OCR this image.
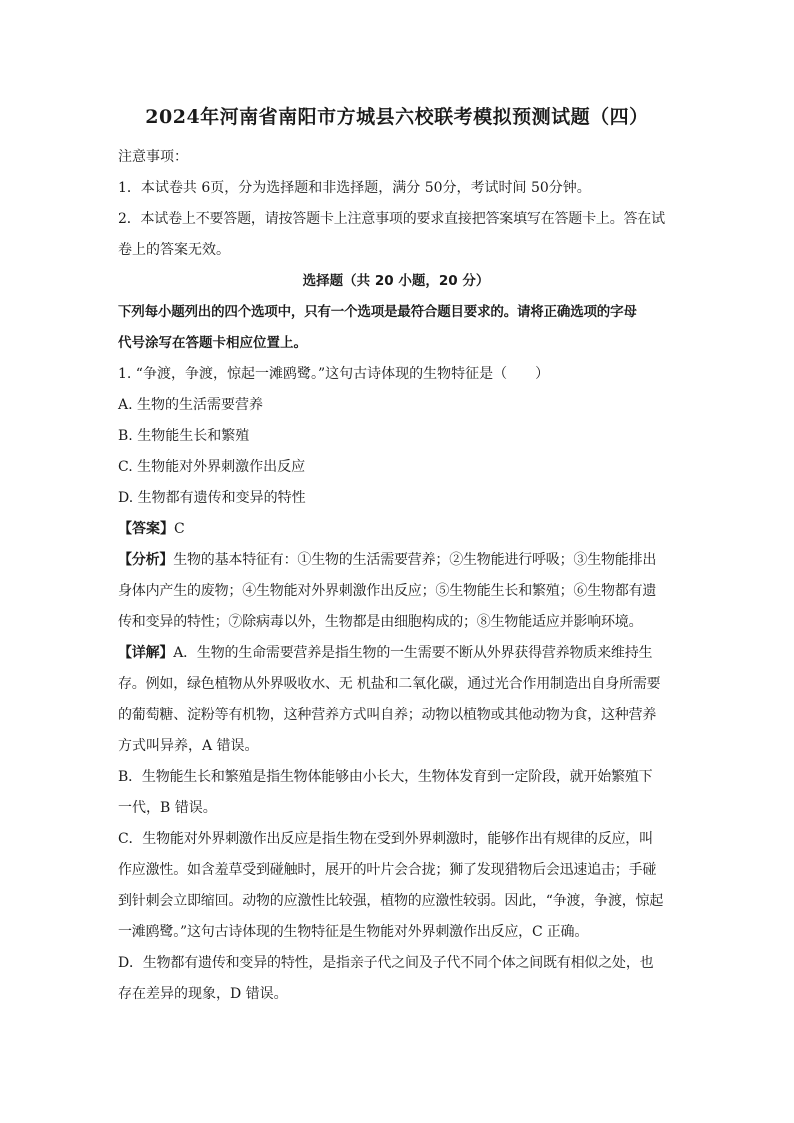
2024年河南省南阳市方城县六校联考模拟预测试题（四）

注意事项：

1．本试卷共 6页，分为选择题和非选择题，满分 50分，考试时间 50分钟。

2．本试卷上不要答题，请按答题卡上注意事项的要求直接把答案填写在答题卡上。答在试

卷上的答案无效。

选择题（共 20 小题，20 分）

下列每小题列出的四个选项中，只有一个选项是最符合题目要求的。请将正确选项的字母

代号涂写在答题卡相应位置上。

1. “争渡，争渡，惊起一滩鸥鹭。”这句古诗体现的生物特征是（　　）

A. 生物的生活需要营养

B. 生物能生长和繁殖

C. 生物能对外界刺激作出反应

D. 生物都有遗传和变异的特性

【答案】C

【分析】生物的基本特征有：①生物的生活需要营养；②生物能进行呼吸；③生物能排出

身体内产生的废物；④生物能对外界刺激作出反应；⑤生物能生长和繁殖；⑥生物都有遗

传和变异的特性；⑦除病毒以外，生物都是由细胞构成的；⑧生物能适应并影响环境。

【详解】A．生物的生命需要营养是指生物的一生需要不断从外界获得营养物质来维持生

存。例如，绿色植物从外界吸收水、无 机盐和二氧化碳，通过光合作用制造出自身所需要

的葡萄糖、淀粉等有机物，这种营养方式叫自养；动物以植物或其他动物为食，这种营养

方式叫异养，A 错误。

B．生物能生长和繁殖是指生物体能够由小长大，生物体发育到一定阶段，就开始繁殖下

一代，B 错误。

C．生物能对外界刺激作出反应是指生物在受到外界刺激时，能够作出有规律的反应，叫

作应激性。如含羞草受到碰触时，展开的叶片会合拢；狮了发现猎物后会迅速追击；手碰

到针刺会立即缩回。动物的应激性比较强，植物的应激性较弱。因此，“争渡，争渡，惊起

一滩鸥鹭。”这句古诗体现的生物特征是生物能对外界刺激作出反应，C 正确。

D．生物都有遗传和变异的特性，是指亲子代之间及子代不同个体之间既有相似之处，也

存在差异的现象，D 错误。
